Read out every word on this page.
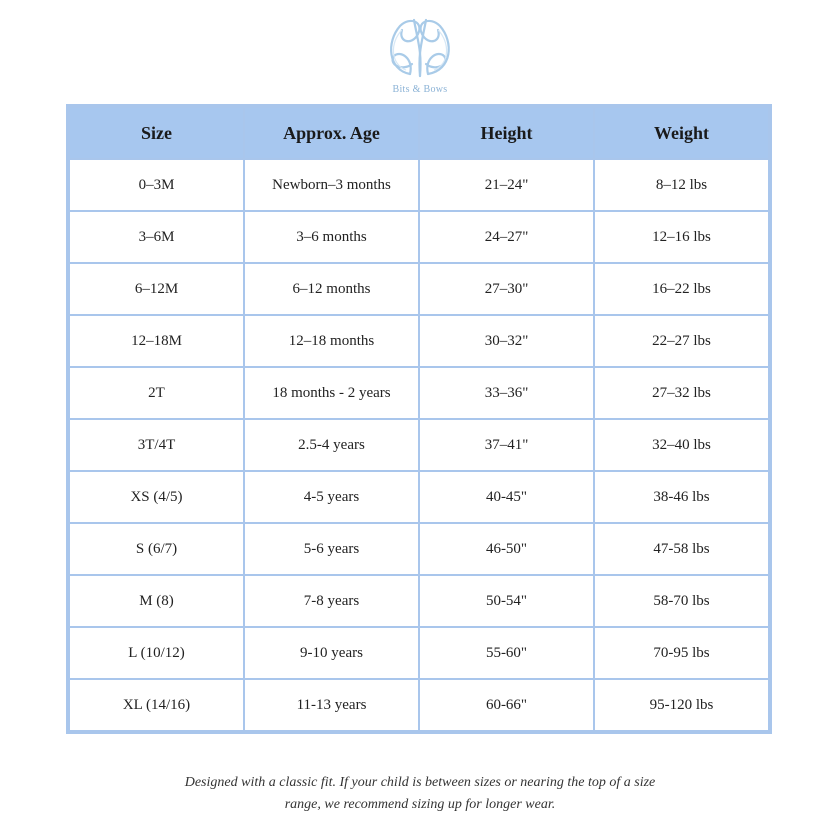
Bits & Bows
Size	Approx. Age	Height	Weight
0–3M	Newborn–3 months	21–24"	8–12 lbs
3–6M	3–6 months	24–27"	12–16 lbs
6–12M	6–12 months	27–30"	16–22 lbs
12–18M	12–18 months	30–32"	22–27 lbs
2T	18 months - 2 years	33–36"	27–32 lbs
3T/4T	2.5-4 years	37–41"	32–40 lbs
XS (4/5)	4-5 years	40-45"	38-46 lbs
S (6/7)	5-6 years	46-50"	47-58 lbs
M (8)	7-8 years	50-54"	58-70 lbs
L (10/12)	9-10 years	55-60"	70-95 lbs
XL (14/16)	11-13 years	60-66"	95-120 lbs
Designed with a classic fit. If your child is between sizes or nearing the top of a size
range, we recommend sizing up for longer wear.
